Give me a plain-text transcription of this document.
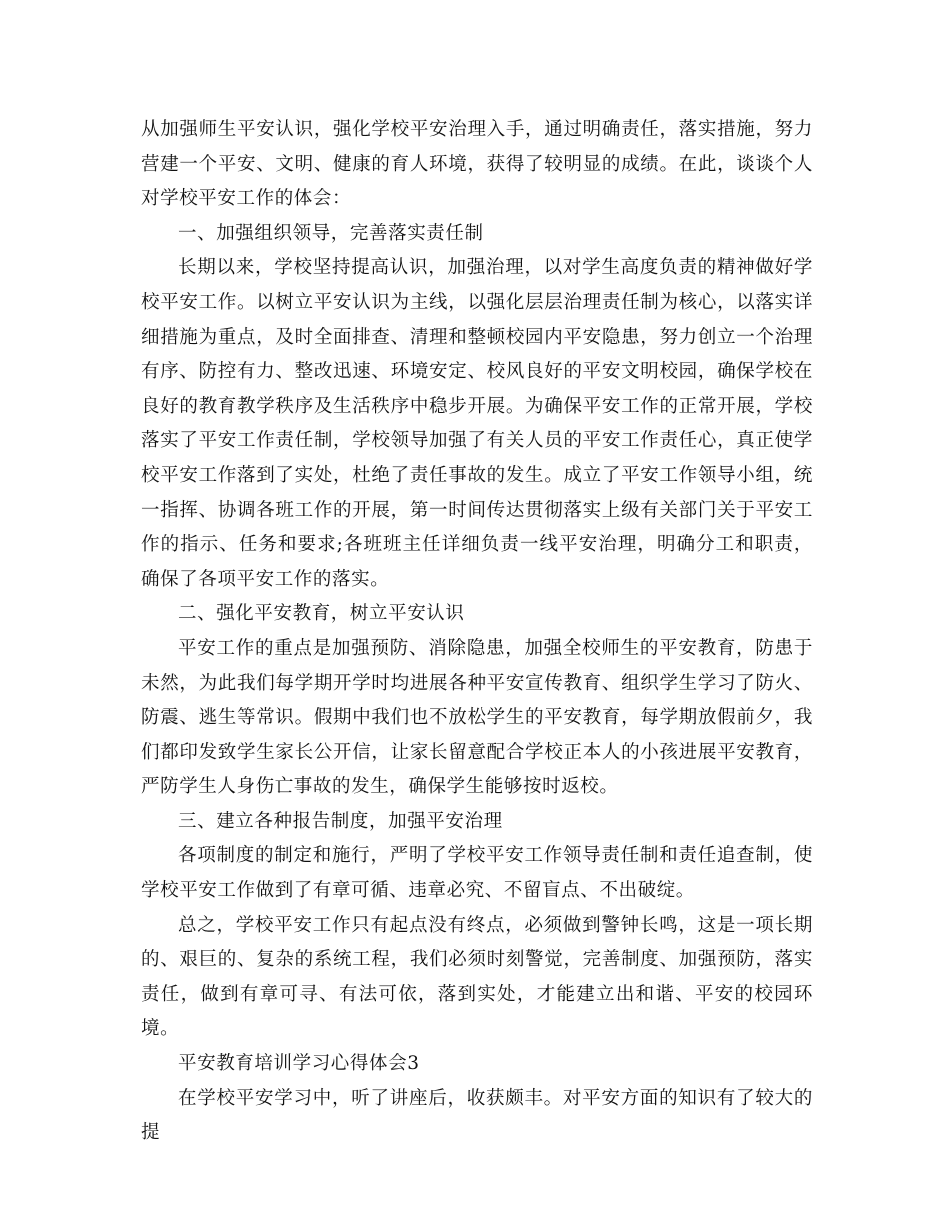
从加强师生平安认识，强化学校平安治理入手，通过明确责任，落实措施，努力营建一个平安、文明、健康的育人环境，获得了较明显的成绩。在此，谈谈个人对学校平安工作的体会：

一、加强组织领导，完善落实责任制

长期以来，学校坚持提高认识，加强治理，以对学生高度负责的精神做好学校平安工作。以树立平安认识为主线，以强化层层治理责任制为核心，以落实详细措施为重点，及时全面排查、清理和整顿校园内平安隐患，努力创立一个治理有序、防控有力、整改迅速、环境安定、校风良好的平安文明校园，确保学校在良好的教育教学秩序及生活秩序中稳步开展。为确保平安工作的正常开展，学校落实了平安工作责任制，学校领导加强了有关人员的平安工作责任心，真正使学校平安工作落到了实处，杜绝了责任事故的发生。成立了平安工作领导小组，统一指挥、协调各班工作的开展，第一时间传达贯彻落实上级有关部门关于平安工作的指示、任务和要求;各班班主任详细负责一线平安治理，明确分工和职责，确保了各项平安工作的落实。

二、强化平安教育，树立平安认识

平安工作的重点是加强预防、消除隐患，加强全校师生的平安教育，防患于未然，为此我们每学期开学时均进展各种平安宣传教育、组织学生学习了防火、防震、逃生等常识。假期中我们也不放松学生的平安教育，每学期放假前夕，我们都印发致学生家长公开信，让家长留意配合学校正本人的小孩进展平安教育，严防学生人身伤亡事故的发生，确保学生能够按时返校。

三、建立各种报告制度，加强平安治理

各项制度的制定和施行，严明了学校平安工作领导责任制和责任追查制，使学校平安工作做到了有章可循、违章必究、不留盲点、不出破绽。

总之，学校平安工作只有起点没有终点，必须做到警钟长鸣，这是一项长期的、艰巨的、复杂的系统工程，我们必须时刻警觉，完善制度、加强预防，落实责任，做到有章可寻、有法可依，落到实处，才能建立出和谐、平安的校园环境。

平安教育培训学习心得体会3

在学校平安学习中，听了讲座后，收获颇丰。对平安方面的知识有了较大的提
